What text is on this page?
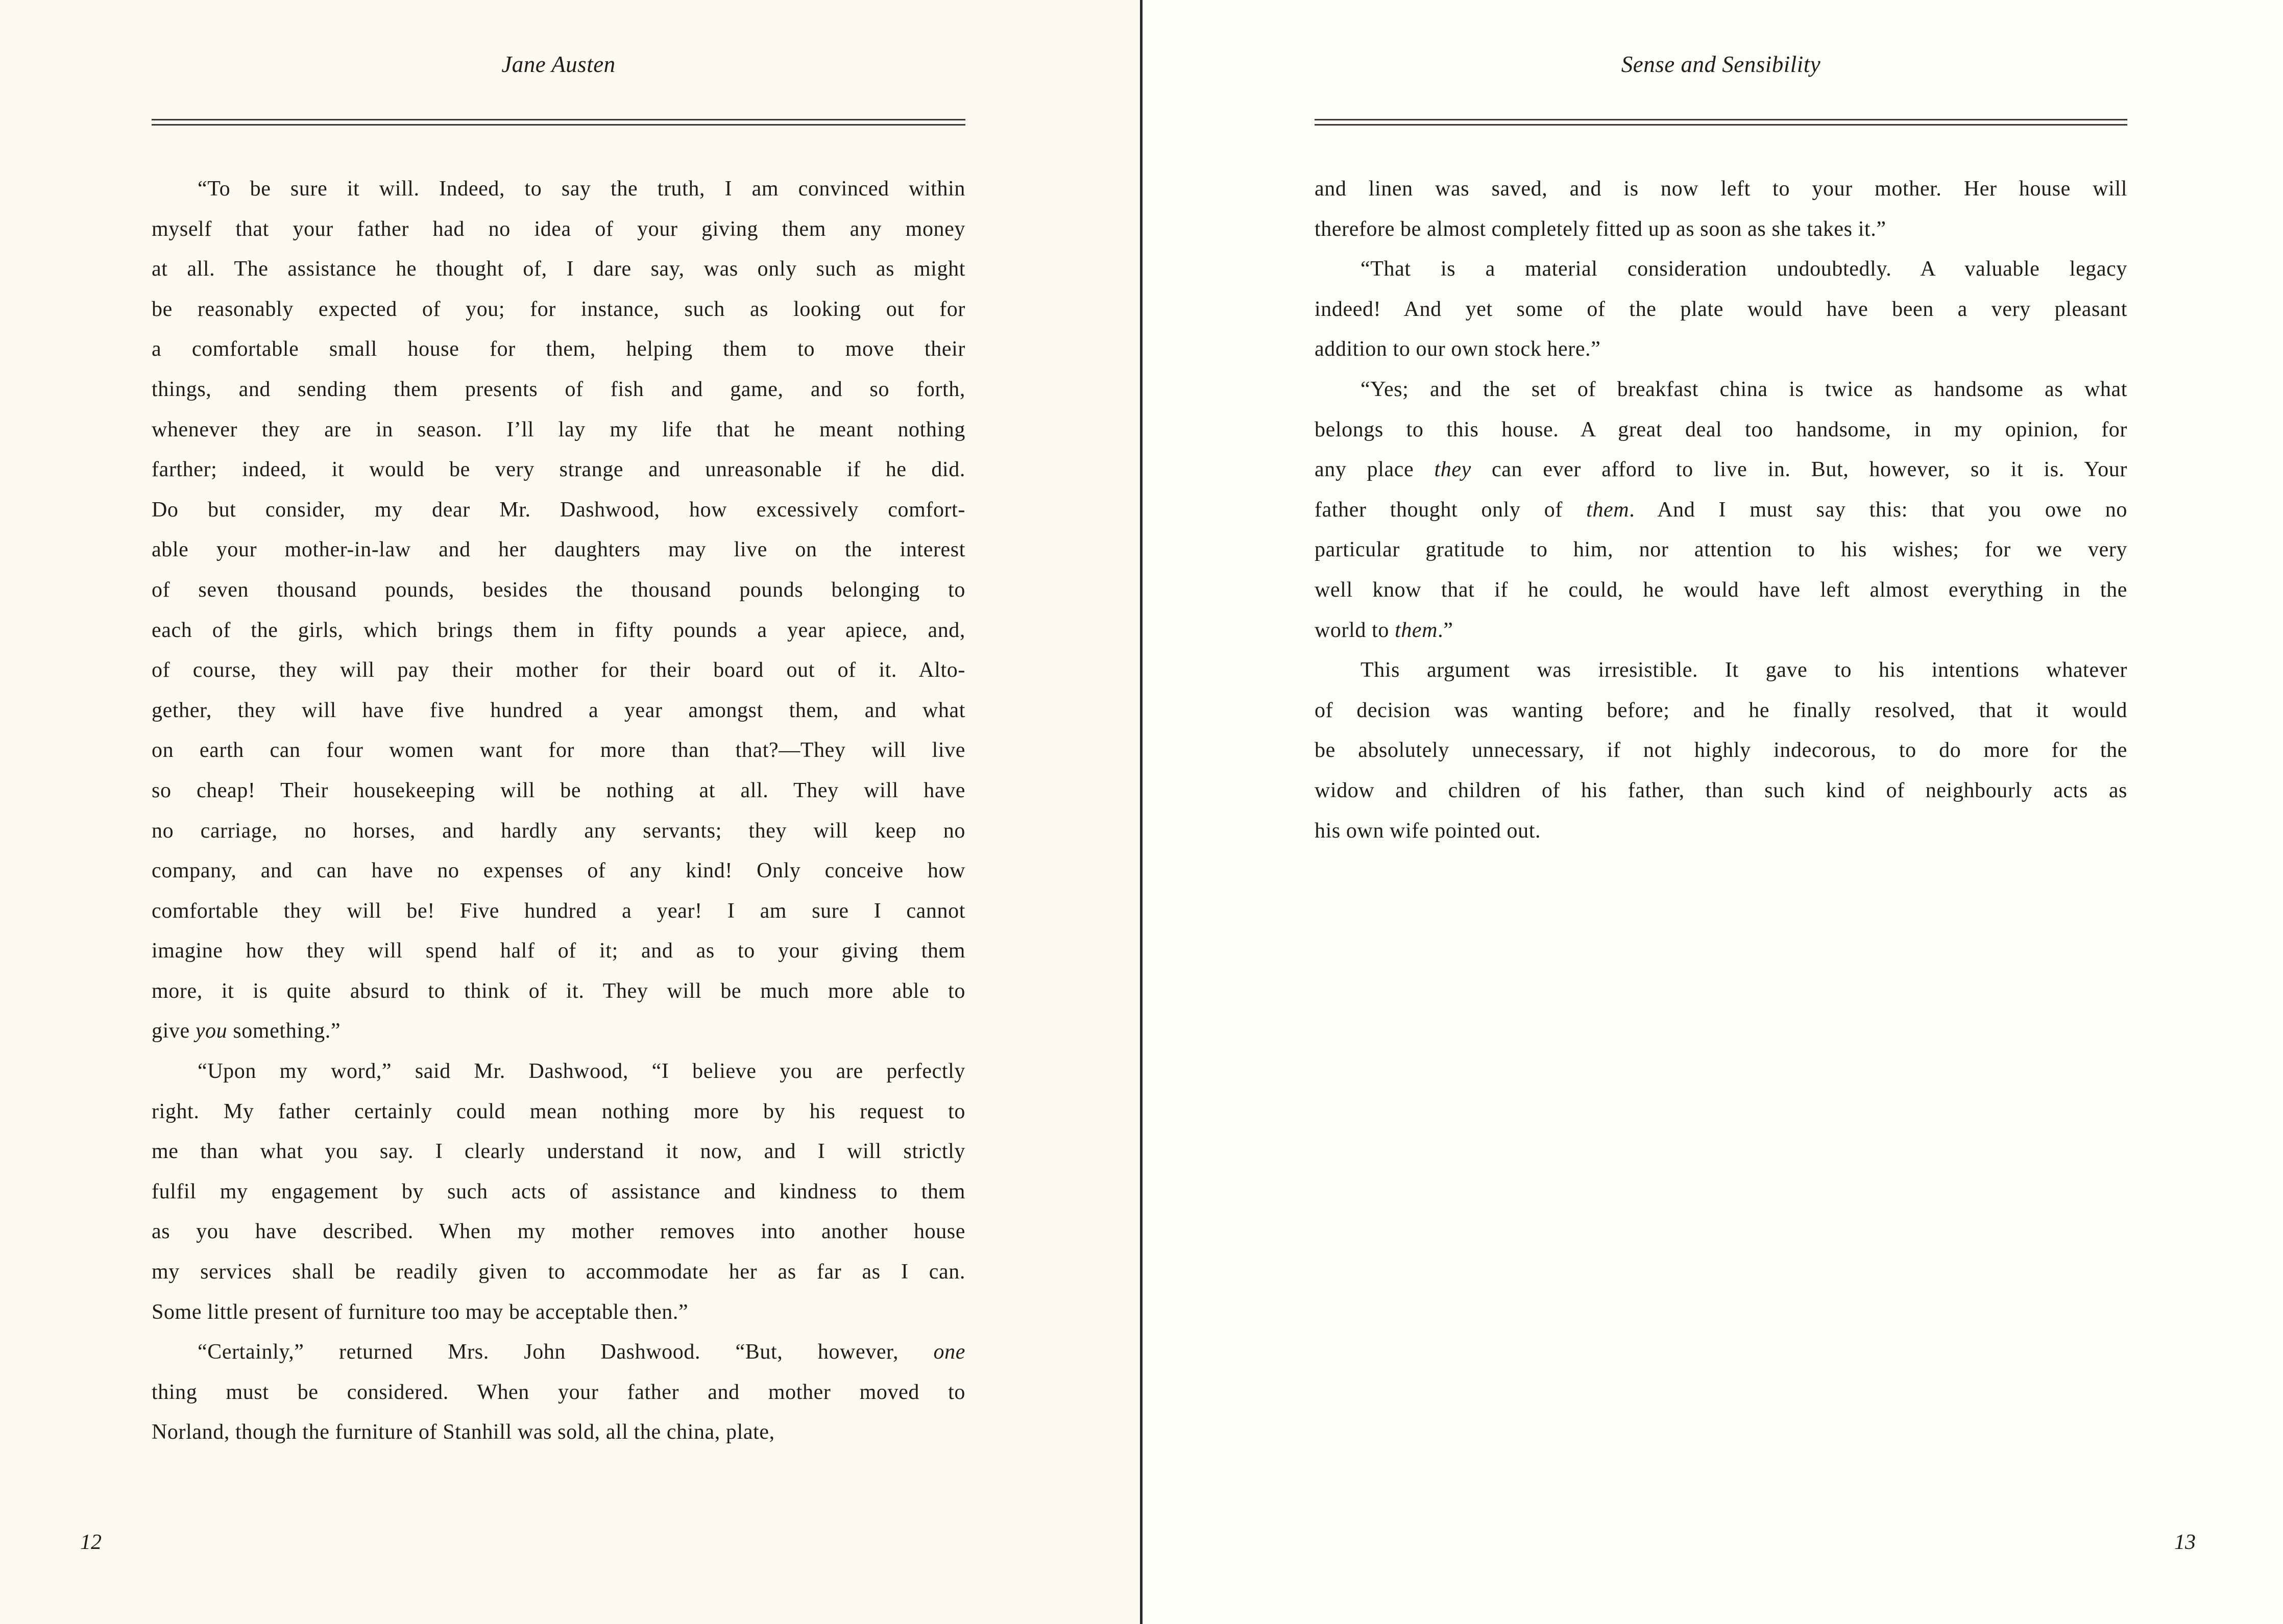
Jane Austen
“To be sure it will. Indeed, to say the truth, I am convinced within
myself that your father had no idea of your giving them any money
at all. The assistance he thought of, I dare say, was only such as might
be reasonably expected of you; for instance, such as looking out for
a comfortable small house for them, helping them to move their
things, and sending them presents of fish and game, and so forth,
whenever they are in season. I’ll lay my life that he meant nothing
farther; indeed, it would be very strange and unreasonable if he did.
Do but consider, my dear Mr. Dashwood, how excessively comfort-
able your mother-in-law and her daughters may live on the interest
of seven thousand pounds, besides the thousand pounds belonging to
each of the girls, which brings them in fifty pounds a year apiece, and,
of course, they will pay their mother for their board out of it. Alto-
gether, they will have five hundred a year amongst them, and what
on earth can four women want for more than that?—They will live
so cheap! Their housekeeping will be nothing at all. They will have
no carriage, no horses, and hardly any servants; they will keep no
company, and can have no expenses of any kind! Only conceive how
comfortable they will be! Five hundred a year! I am sure I cannot
imagine how they will spend half of it; and as to your giving them
more, it is quite absurd to think of it. They will be much more able to
give you something.”
“Upon my word,” said Mr. Dashwood, “I believe you are perfectly
right. My father certainly could mean nothing more by his request to
me than what you say. I clearly understand it now, and I will strictly
fulfil my engagement by such acts of assistance and kindness to them
as you have described. When my mother removes into another house
my services shall be readily given to accommodate her as far as I can.
Some little present of furniture too may be acceptable then.”
“Certainly,” returned Mrs. John Dashwood. “But, however, one
thing must be considered. When your father and mother moved to
Norland, though the furniture of Stanhill was sold, all the china, plate,
12
Sense and Sensibility
and linen was saved, and is now left to your mother. Her house will
therefore be almost completely fitted up as soon as she takes it.”
“That is a material consideration undoubtedly. A valuable legacy
indeed! And yet some of the plate would have been a very pleasant
addition to our own stock here.”
“Yes; and the set of breakfast china is twice as handsome as what
belongs to this house. A great deal too handsome, in my opinion, for
any place they can ever afford to live in. But, however, so it is. Your
father thought only of them. And I must say this: that you owe no
particular gratitude to him, nor attention to his wishes; for we very
well know that if he could, he would have left almost everything in the
world to them.”
This argument was irresistible. It gave to his intentions whatever
of decision was wanting before; and he finally resolved, that it would
be absolutely unnecessary, if not highly indecorous, to do more for the
widow and children of his father, than such kind of neighbourly acts as
his own wife pointed out.
13
